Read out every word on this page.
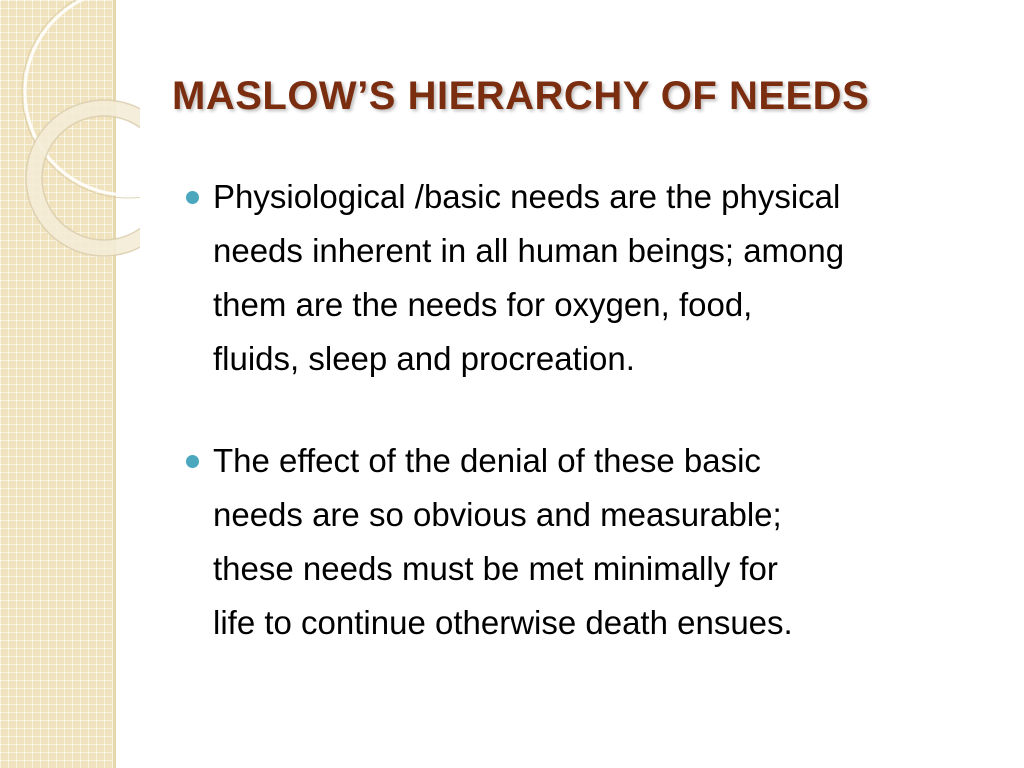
MASLOW’S HIERARCHY OF NEEDS
Physiological /basic needs are the physical
needs inherent in all human beings; among
them are the needs for oxygen, food,
fluids, sleep and procreation.
The effect of the denial of these basic
needs are so obvious and measurable;
these needs must be met minimally for
life to continue otherwise death ensues.
